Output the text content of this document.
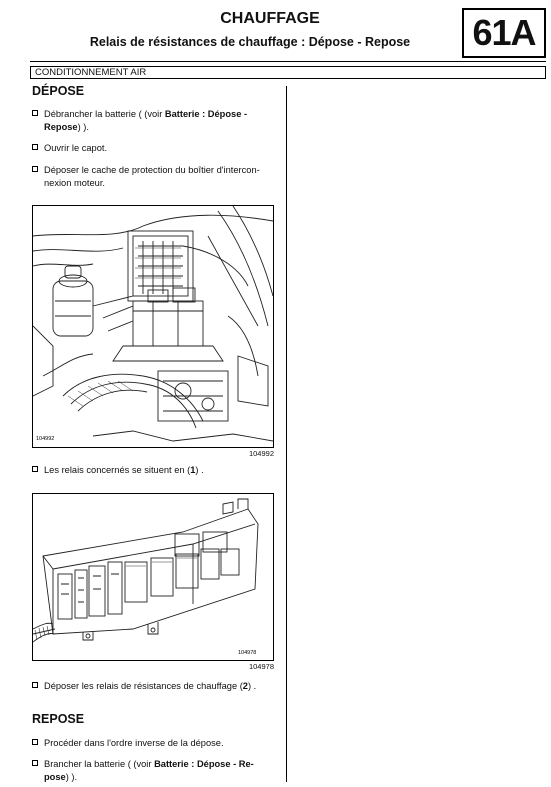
CHAUFFAGE
Relais de résistances de chauffage : Dépose - Repose	61A
CONDITIONNEMENT AIR
DÉPOSE
Débrancher la batterie ( (voir Batterie : Dépose -
Repose) ).
Ouvrir le capot.
Déposer le cache de protection du boîtier d'intercon-
nexion moteur.
104992
104992
Les relais concernés se situent en (1) .
104978
104978
Déposer les relais de résistances de chauffage (2) .
REPOSE
Procéder dans l'ordre inverse de la dépose.
Brancher la batterie ( (voir Batterie : Dépose - Re-
pose) ).
